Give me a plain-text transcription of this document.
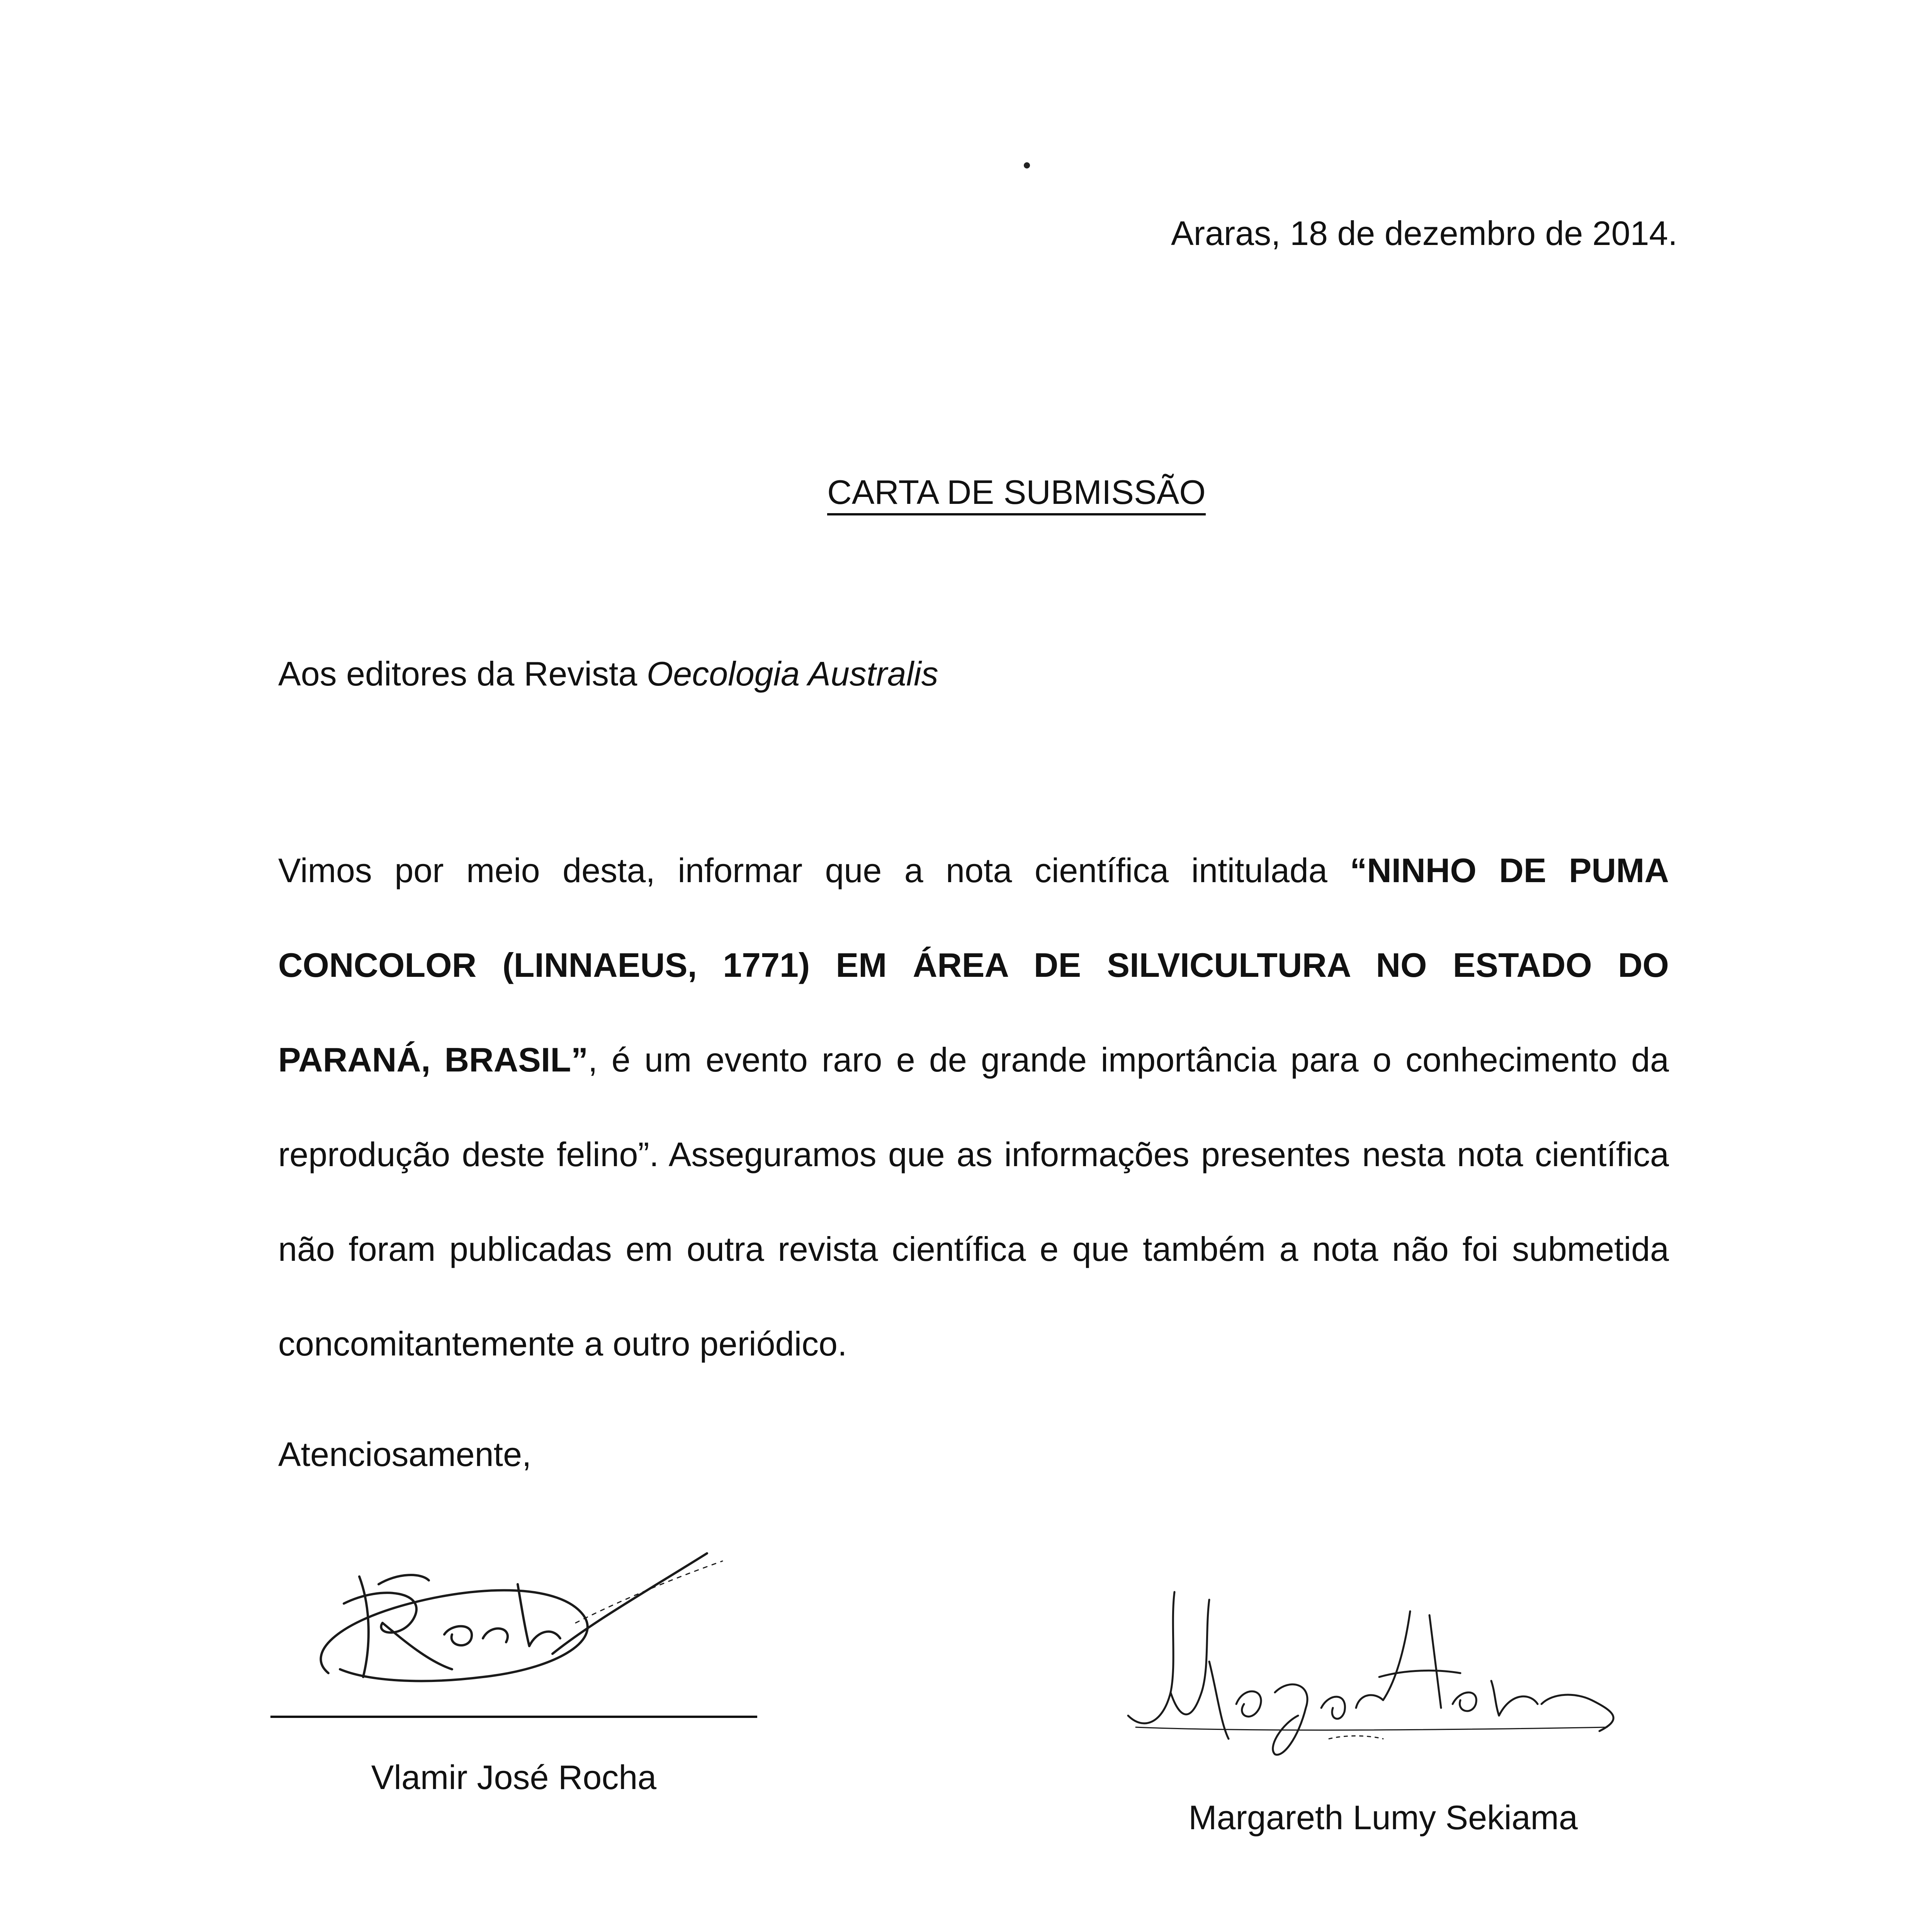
Araras, 18 de dezembro de 2014.
CARTA DE SUBMISSÃO
Aos editores da Revista Oecologia Australis
Vimos por meio desta, informar que a nota científica intitulada “NINHO DE PUMA CONCOLOR (LINNAEUS, 1771) EM ÁREA DE SILVICULTURA NO ESTADO DO PARANÁ, BRASIL”, é um evento raro e de grande importância para o conhecimento da reprodução deste felino”. Asseguramos que as informações presentes nesta nota científica não foram publicadas em outra revista científica e que também a nota não foi submetida concomitantemente a outro periódico.
Atenciosamente,
Vlamir José Rocha
Margareth Lumy Sekiama
